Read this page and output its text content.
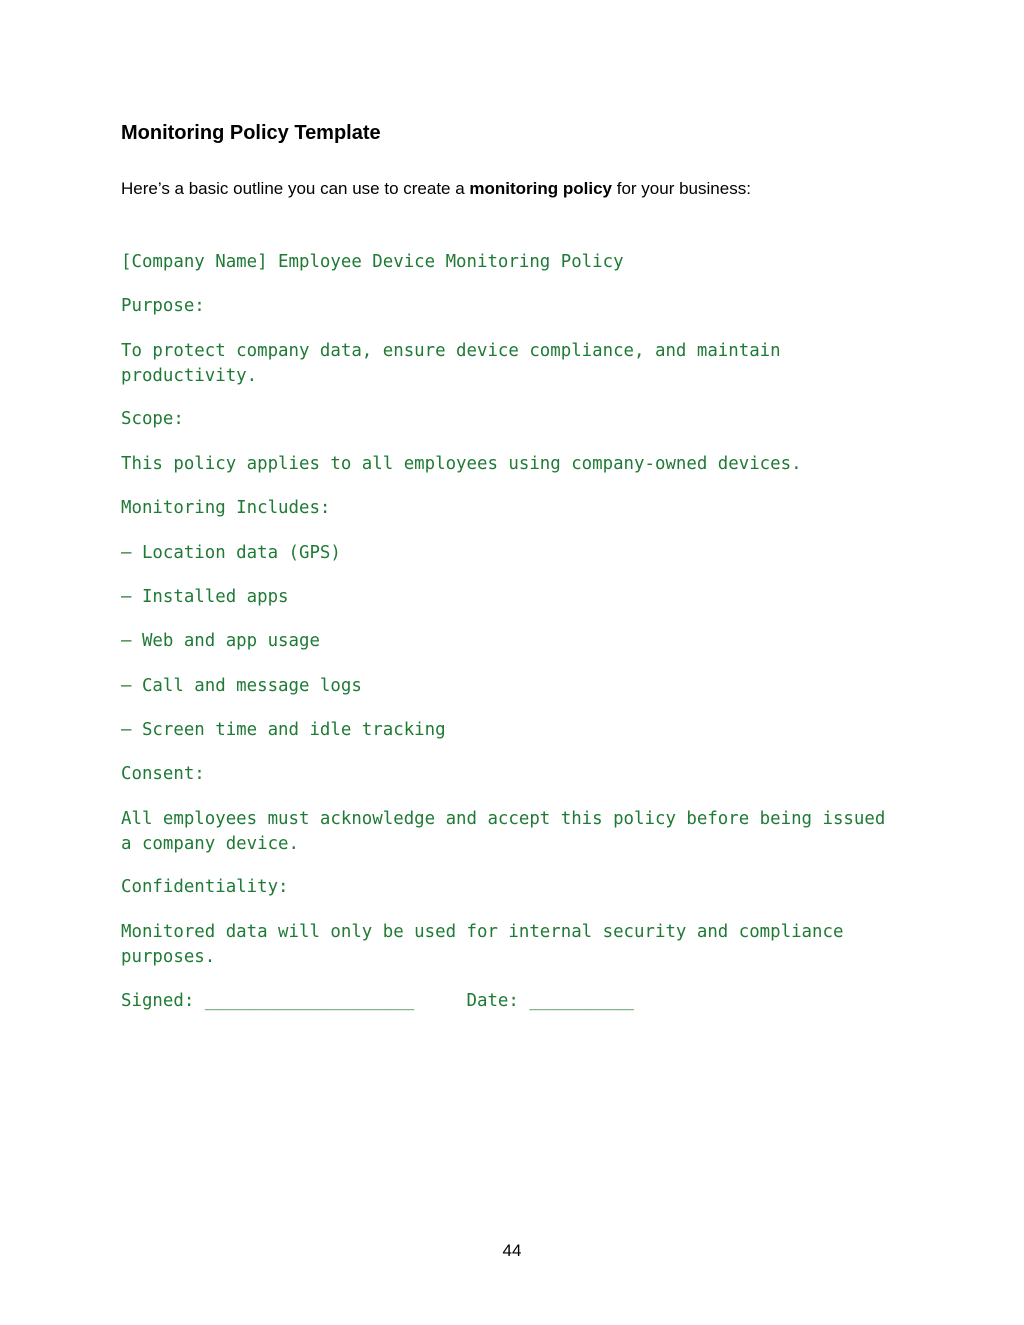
Monitoring Policy Template

Here’s a basic outline you can use to create a monitoring policy for your business:

[Company Name] Employee Device Monitoring Policy
Purpose:
To protect company data, ensure device compliance, and maintain productivity.
Scope:
This policy applies to all employees using company-owned devices.
Monitoring Includes:
— Location data (GPS)
— Installed apps
— Web and app usage
— Call and message logs
— Screen time and idle tracking
Consent:
All employees must acknowledge and accept this policy before being issued a company device.
Confidentiality:
Monitored data will only be used for internal security and compliance purposes.
Signed: ____________________     Date: __________
44
